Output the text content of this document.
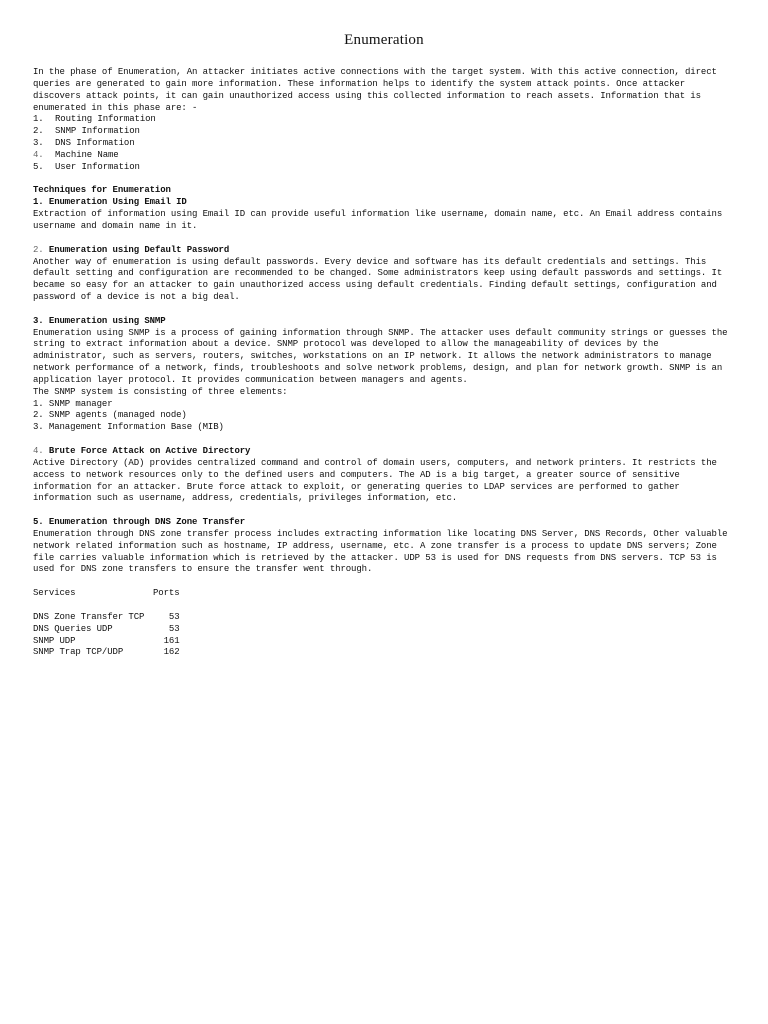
Enumeration

In the phase of Enumeration, An attacker initiates active connections with the target system. With this active connection, direct queries are generated to gain more information. These information helps to identify the system attack points. Once attacker discovers attack points, it can gain unauthorized access using this collected information to reach assets. Information that is enumerated in this phase are: -

1. Routing Information
2. SNMP Information
3. DNS Information
4. Machine Name
5. User Information

Techniques for Enumeration

1. Enumeration Using Email ID

Extraction of information using Email ID can provide useful information like username, domain name, etc. An Email address contains username and domain name in it.

2. Enumeration using Default Password

Another way of enumeration is using default passwords. Every device and software has its default credentials and settings. This default setting and configuration are recommended to be changed. Some administrators keep using default passwords and settings. It became so easy for an attacker to gain unauthorized access using default credentials. Finding default settings, configuration and password of a device is not a big deal.

3. Enumeration using SNMP

Enumeration using SNMP is a process of gaining information through SNMP. The attacker uses default community strings or guesses the string to extract information about a device. SNMP protocol was developed to allow the manageability of devices by the administrator, such as servers, routers, switches, workstations on an IP network. It allows the network administrators to manage network performance of a network, finds, troubleshoots and solve network problems, design, and plan for network growth. SNMP is an application layer protocol. It provides communication between managers and agents.

The SNMP system is consisting of three elements:

1. SNMP manager

2. SNMP agents (managed node)

3. Management Information Base (MIB)

4. Brute Force Attack on Active Directory

Active Directory (AD) provides centralized command and control of domain users, computers, and network printers. It restricts the access to network resources only to the defined users and computers. The AD is a big target, a greater source of sensitive information for an attacker. Brute force attack to exploit, or generating queries to LDAP services are performed to gather information such as username, address, credentials, privileges information, etc.

5. Enumeration through DNS Zone Transfer

Enumeration through DNS zone transfer process includes extracting information like locating DNS Server, DNS Records, Other valuable network related information such as hostname, IP address, username, etc. A zone transfer is a process to update DNS servers; Zone file carries valuable information which is retrieved by the attacker. UDP 53 is used for DNS requests from DNS servers. TCP 53 is used for DNS zone transfers to ensure the transfer went through.

Services	Ports

DNS Zone Transfer TCP	53
DNS Queries UDP	53
SNMP UDP	161
SNMP Trap TCP/UDP	162
